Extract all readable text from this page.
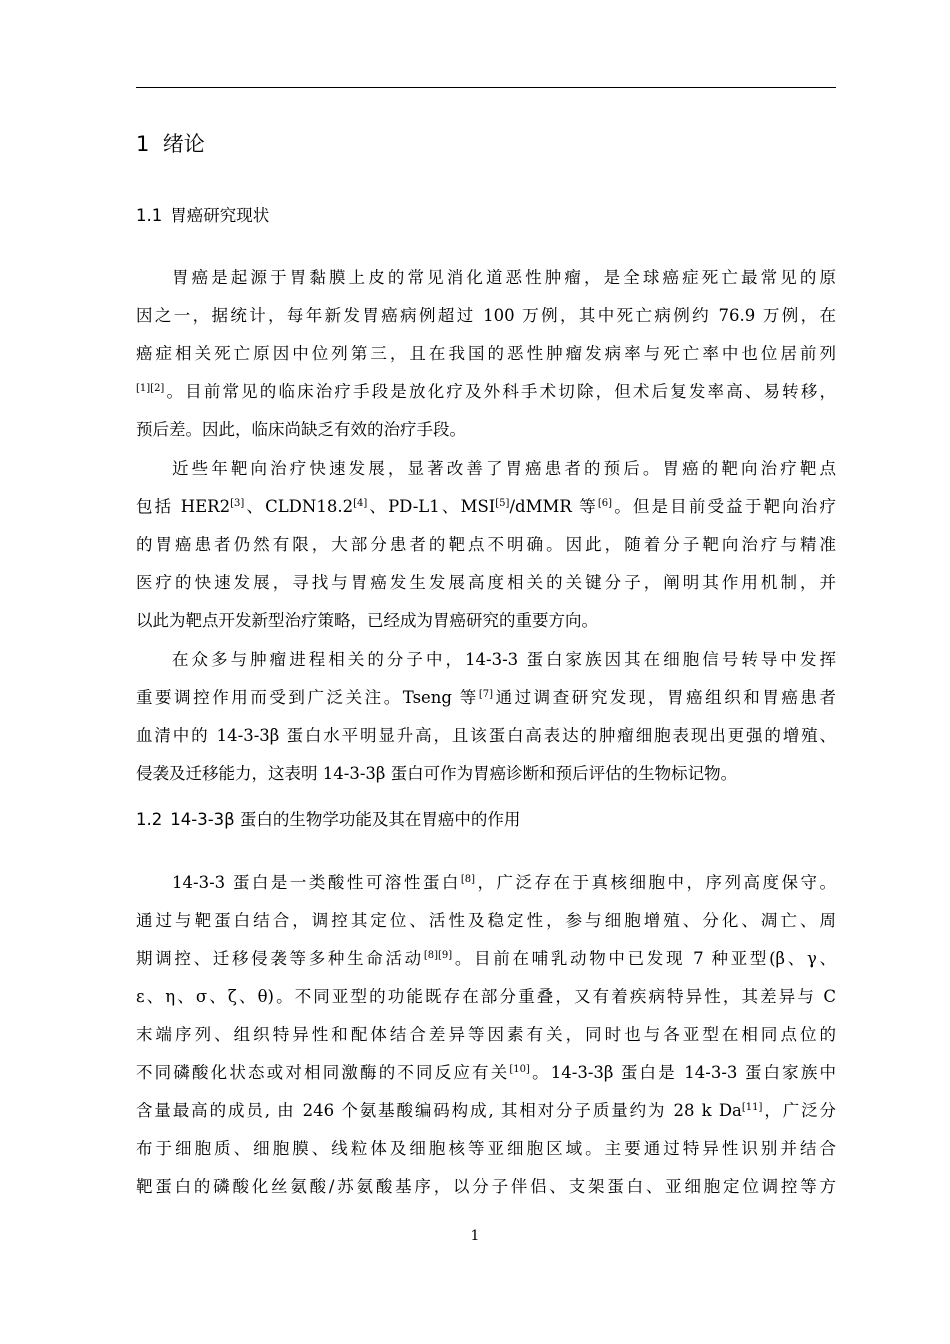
1 绪论
1.1 胃癌研究现状
胃癌是起源于胃黏膜上皮的常见消化道恶性肿瘤，是全球癌症死亡最常见的原
因之一，据统计，每年新发胃癌病例超过 100 万例，其中死亡病例约 76.9 万例，在
癌症相关死亡原因中位列第三，且在我国的恶性肿瘤发病率与死亡率中也位居前列
[1][2]。目前常见的临床治疗手段是放化疗及外科手术切除，但术后复发率高、易转移，
预后差。因此，临床尚缺乏有效的治疗手段。
近些年靶向治疗快速发展，显著改善了胃癌患者的预后。胃癌的靶向治疗靶点
包括 HER2[3]、CLDN18.2[4]、PD-L1、MSI[5]/dMMR 等[6]。但是目前受益于靶向治疗
的胃癌患者仍然有限，大部分患者的靶点不明确。因此，随着分子靶向治疗与精准
医疗的快速发展，寻找与胃癌发生发展高度相关的关键分子，阐明其作用机制，并
以此为靶点开发新型治疗策略，已经成为胃癌研究的重要方向。
在众多与肿瘤进程相关的分子中，14-3-3 蛋白家族因其在细胞信号转导中发挥
重要调控作用而受到广泛关注。Tseng 等[7]通过调查研究发现，胃癌组织和胃癌患者
血清中的 14-3-3β 蛋白水平明显升高，且该蛋白高表达的肿瘤细胞表现出更强的增殖、
侵袭及迁移能力，这表明 14-3-3β 蛋白可作为胃癌诊断和预后评估的生物标记物。
1.2 14-3-3β 蛋白的生物学功能及其在胃癌中的作用
14-3-3 蛋白是一类酸性可溶性蛋白[8]，广泛存在于真核细胞中，序列高度保守。
通过与靶蛋白结合，调控其定位、活性及稳定性，参与细胞增殖、分化、凋亡、周
期调控、迁移侵袭等多种生命活动[8][9]。目前在哺乳动物中已发现 7 种亚型(β、γ、
ε、η、σ、ζ、θ)。不同亚型的功能既存在部分重叠，又有着疾病特异性，其差异与 C
末端序列、组织特异性和配体结合差异等因素有关，同时也与各亚型在相同点位的
不同磷酸化状态或对相同激酶的不同反应有关[10]。14-3-3β 蛋白是 14-3-3 蛋白家族中
含量最高的成员, 由 246 个氨基酸编码构成, 其相对分子质量约为 28 k Da[11]，广泛分
布于细胞质、细胞膜、线粒体及细胞核等亚细胞区域。主要通过特异性识别并结合
靶蛋白的磷酸化丝氨酸/苏氨酸基序，以分子伴侣、支架蛋白、亚细胞定位调控等方
1
